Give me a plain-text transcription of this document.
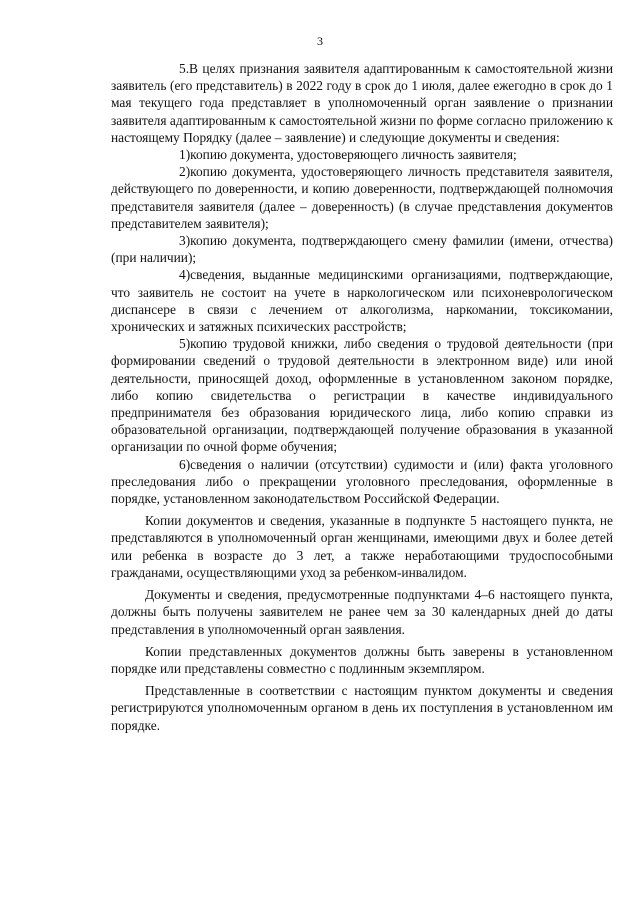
3

5.В целях признания заявителя адаптированным к самостоятельной жизни заявитель (его представитель) в 2022 году в срок до 1 июля, далее ежегодно в срок до 1 мая текущего года представляет в уполномоченный орган заявление о признании заявителя адаптированным к самостоятельной жизни по форме согласно приложению к настоящему Порядку (далее – заявление) и следующие документы и сведения:

1)копию документа, удостоверяющего личность заявителя;

2)копию документа, удостоверяющего личность представителя заявителя, действующего по доверенности, и копию доверенности, подтверждающей полномочия представителя заявителя (далее – доверенность) (в случае представления документов представителем заявителя);

3)копию документа, подтверждающего смену фамилии (имени, отчества) (при наличии);

4)сведения, выданные медицинскими организациями, подтверждающие, что заявитель не состоит на учете в наркологическом или психоневрологическом диспансере в связи с лечением от алкоголизма, наркомании, токсикомании, хронических и затяжных психических расстройств;

5)копию трудовой книжки, либо сведения о трудовой деятельности (при формировании сведений о трудовой деятельности в электронном виде) или иной деятельности, приносящей доход, оформленные в установленном законом порядке, либо копию свидетельства о регистрации в качестве индивидуального предпринимателя без образования юридического лица, либо копию справки из образовательной организации, подтверждающей получение образования в указанной организации по очной форме обучения;

6)сведения о наличии (отсутствии) судимости и (или) факта уголовного преследования либо о прекращении уголовного преследования, оформленные в порядке, установленном законодательством Российской Федерации.

Копии документов и сведения, указанные в подпункте 5 настоящего пункта, не представляются в уполномоченный орган женщинами, имеющими двух и более детей или ребенка в возрасте до 3 лет, а также неработающими трудоспособными гражданами, осуществляющими уход за ребенком-инвалидом.

Документы и сведения, предусмотренные подпунктами 4–6 настоящего пункта, должны быть получены заявителем не ранее чем за 30 календарных дней до даты представления в уполномоченный орган заявления.

Копии представленных документов должны быть заверены в установленном порядке или представлены совместно с подлинным экземпляром.

Представленные в соответствии с настоящим пунктом документы и сведения регистрируются уполномоченным органом в день их поступления в установленном им порядке.
